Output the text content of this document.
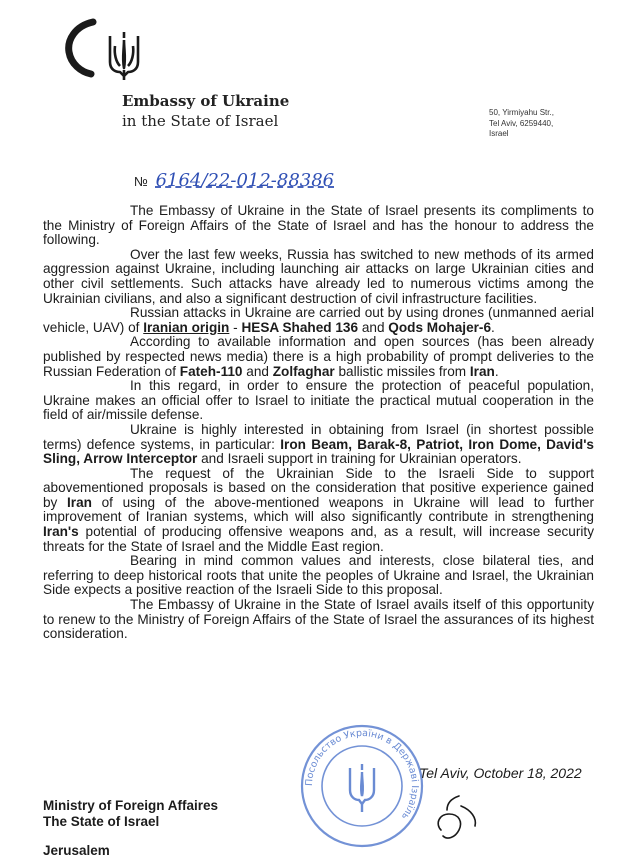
Embassy of Ukraine
in the State of Israel	50, Yirmiyahu Str.,
Tel Aviv, 6259440,
Israel
№ 6164/22-012-88386

The Embassy of Ukraine in the State of Israel presents its compliments to the Ministry of Foreign Affairs of the State of Israel and has the honour to address the following.

Over the last few weeks, Russia has switched to new methods of its armed aggression against Ukraine, including launching air attacks on large Ukrainian cities and other civil settlements. Such attacks have already led to numerous victims among the Ukrainian civilians, and also a significant destruction of civil infrastructure facilities.

Russian attacks in Ukraine are carried out by using drones (unmanned aerial vehicle, UAV) of Iranian origin - HESA Shahed 136 and Qods Mohajer-6.

According to available information and open sources (has been already published by respected news media) there is a high probability of prompt deliveries to the Russian Federation of Fateh-110 and Zolfaghar ballistic missiles from Iran.

In this regard, in order to ensure the protection of peaceful population, Ukraine makes an official offer to Israel to initiate the practical mutual cooperation in the field of air/missile defense.

Ukraine is highly interested in obtaining from Israel (in shortest possible terms) defence systems, in particular: Iron Beam, Barak-8, Patriot, Iron Dome, David's Sling, Arrow Interceptor and Israeli support in training for Ukrainian operators.

The request of the Ukrainian Side to the Israeli Side to support abovementioned proposals is based on the consideration that positive experience gained by Iran of using of the above-mentioned weapons in Ukraine will lead to further improvement of Iranian systems, which will also significantly contribute in strengthening Iran's potential of producing offensive weapons and, as a result, will increase security threats for the State of Israel and the Middle East region.

Bearing in mind common values and interests, close bilateral ties, and referring to deep historical roots that unite the peoples of Ukraine and Israel, the Ukrainian Side expects a positive reaction of the Israeli Side to this proposal.

The Embassy of Ukraine in the State of Israel avails itself of this opportunity to renew to the Ministry of Foreign Affairs of the State of Israel the assurances of its highest consideration.

Посольство України в Державі Ізраїль
Tel Aviv, October 18, 2022
Ministry of Foreign Affaires
The State of Israel
Jerusalem
